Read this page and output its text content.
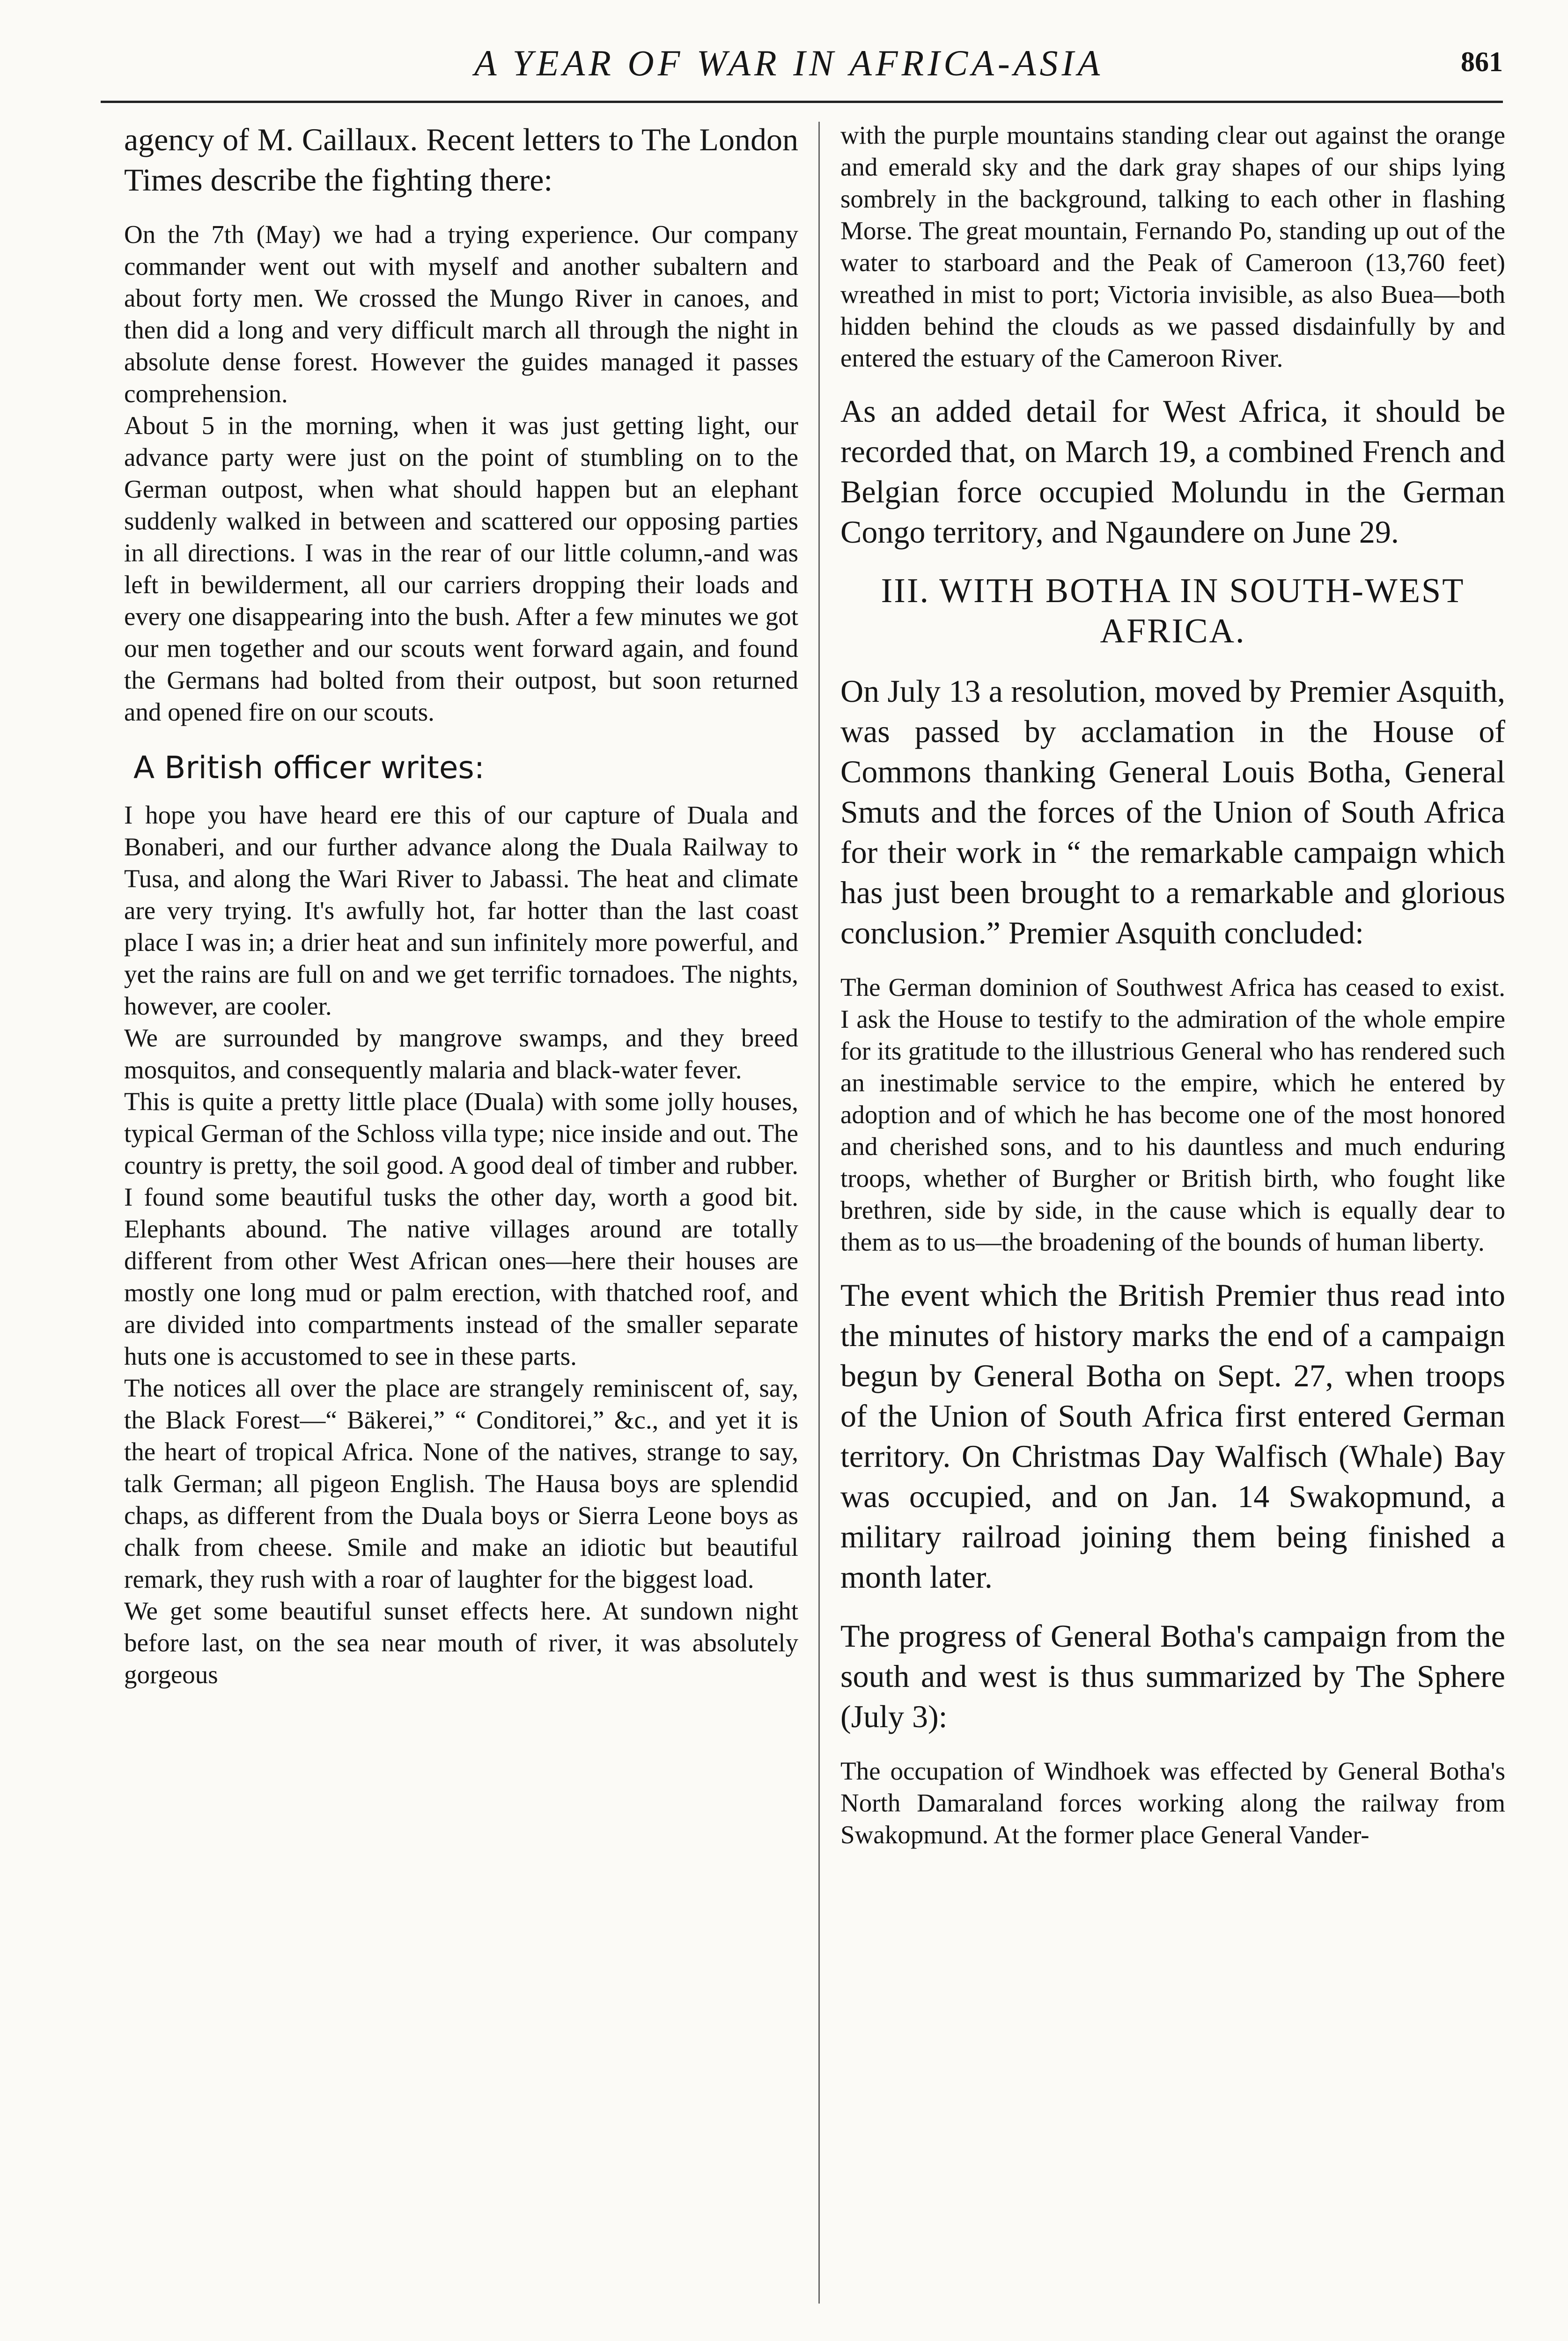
A YEAR OF WAR IN AFRICA-ASIA	861

agency of M. Caillaux. Recent letters to The London Times describe the fighting there:

On the 7th (May) we had a trying experience. Our company commander went out with myself and another subaltern and about forty men. We crossed the Mungo River in canoes, and then did a long and very difficult march all through the night in absolute dense forest. However the guides managed it passes comprehension.

About 5 in the morning, when it was just getting light, our advance party were just on the point of stumbling on to the German outpost, when what should happen but an elephant suddenly walked in between and scattered our opposing parties in all directions. I was in the rear of our little column,-and was left in bewilderment, all our carriers dropping their loads and every one disappearing into the bush. After a few minutes we got our men together and our scouts went forward again, and found the Germans had bolted from their outpost, but soon returned and opened fire on our scouts.

A British officer writes:

I hope you have heard ere this of our capture of Duala and Bonaberi, and our further advance along the Duala Railway to Tusa, and along the Wari River to Jabassi. The heat and climate are very trying. It's awfully hot, far hotter than the last coast place I was in; a drier heat and sun infinitely more powerful, and yet the rains are full on and we get terrific tornadoes. The nights, however, are cooler.

We are surrounded by mangrove swamps, and they breed mosquitos, and consequently malaria and black-water fever.

This is quite a pretty little place (Duala) with some jolly houses, typical German of the Schloss villa type; nice inside and out. The country is pretty, the soil good. A good deal of timber and rubber. I found some beautiful tusks the other day, worth a good bit. Elephants abound. The native villages around are totally different from other West African ones—here their houses are mostly one long mud or palm erection, with thatched roof, and are divided into compartments instead of the smaller separate huts one is accustomed to see in these parts.

The notices all over the place are strangely reminiscent of, say, the Black Forest—“ Bäkerei,” “ Conditorei,” &c., and yet it is the heart of tropical Africa. None of the natives, strange to say, talk German; all pigeon English. The Hausa boys are splendid chaps, as different from the Duala boys or Sierra Leone boys as chalk from cheese. Smile and make an idiotic but beautiful remark, they rush with a roar of laughter for the biggest load.

We get some beautiful sunset effects here. At sundown night before last, on the sea near mouth of river, it was absolutely gorgeous

with the purple mountains standing clear out against the orange and emerald sky and the dark gray shapes of our ships lying sombrely in the background, talking to each other in flashing Morse. The great mountain, Fernando Po, standing up out of the water to starboard and the Peak of Cameroon (13,760 feet) wreathed in mist to port; Victoria invisible, as also Buea—both hidden behind the clouds as we passed disdainfully by and entered the estuary of the Cameroon River.

As an added detail for West Africa, it should be recorded that, on March 19, a combined French and Belgian force occupied Molundu in the German Congo territory, and Ngaundere on June 29.

III. WITH BOTHA IN SOUTH-WEST AFRICA.

On July 13 a resolution, moved by Premier Asquith, was passed by acclamation in the House of Commons thanking General Louis Botha, General Smuts and the forces of the Union of South Africa for their work in “ the remarkable campaign which has just been brought to a remarkable and glorious conclusion.” Premier Asquith concluded:

The German dominion of Southwest Africa has ceased to exist. I ask the House to testify to the admiration of the whole empire for its gratitude to the illustrious General who has rendered such an inestimable service to the empire, which he entered by adoption and of which he has become one of the most honored and cherished sons, and to his dauntless and much enduring troops, whether of Burgher or British birth, who fought like brethren, side by side, in the cause which is equally dear to them as to us—the broadening of the bounds of human liberty.

The event which the British Premier thus read into the minutes of history marks the end of a campaign begun by General Botha on Sept. 27, when troops of the Union of South Africa first entered German territory. On Christmas Day Walfisch (Whale) Bay was occupied, and on Jan. 14 Swakopmund, a military railroad joining them being finished a month later.

The progress of General Botha's campaign from the south and west is thus summarized by The Sphere (July 3):

The occupation of Windhoek was effected by General Botha's North Damaraland forces working along the railway from Swakopmund. At the former place General Vander-
